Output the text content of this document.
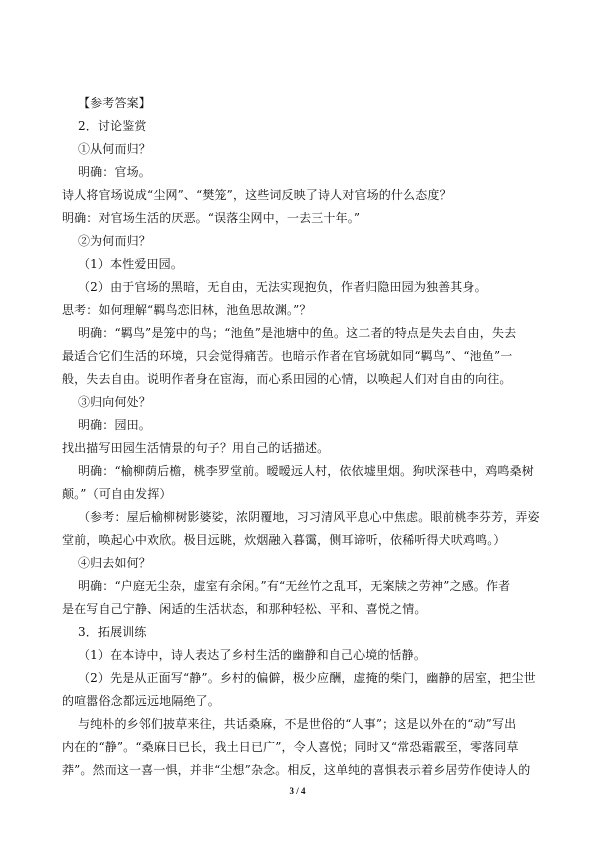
【参考答案】
2．讨论鉴赏
①从何而归？
明确：官场。
诗人将官场说成“尘网”、“樊笼”，这些词反映了诗人对官场的什么态度？
明确：对官场生活的厌恶。“误落尘网中，一去三十年。”
②为何而归？
（1）本性爱田园。
（2）由于官场的黑暗，无自由，无法实现抱负，作者归隐田园为独善其身。
思考：如何理解“羁鸟恋旧林，池鱼思故渊。”？
明确：“羁鸟”是笼中的鸟；“池鱼”是池塘中的鱼。这二者的特点是失去自由，失去
最适合它们生活的环境，只会觉得痛苦。也暗示作者在官场就如同“羁鸟”、“池鱼”一
般，失去自由。说明作者身在宦海，而心系田园的心情，以唤起人们对自由的向往。
③归向何处？
明确：园田。
找出描写田园生活情景的句子？用自己的话描述。
明确：“榆柳荫后檐，桃李罗堂前。暧暧远人村，依依墟里烟。狗吠深巷中，鸡鸣桑树
颠。”（可自由发挥）
（参考：屋后榆柳树影婆娑，浓阴覆地，习习清风平息心中焦虑。眼前桃李芬芳，弄姿
堂前，唤起心中欢欣。极目远眺，炊烟融入暮霭，侧耳谛听，依稀听得犬吠鸡鸣。）
④归去如何？
明确：“户庭无尘杂，虚室有余闲。”有“无丝竹之乱耳，无案牍之劳神”之感。作者
是在写自己宁静、闲适的生活状态，和那种轻松、平和、喜悦之情。
3．拓展训练
（1）在本诗中，诗人表达了乡村生活的幽静和自己心境的恬静。
（2）先是从正面写“静”。乡村的偏僻，极少应酬，虚掩的柴门，幽静的居室，把尘世
的喧嚣俗念都远远地隔绝了。
与纯朴的乡邻们披草来往，共话桑麻，不是世俗的“人事”；这是以外在的“动”写出
内在的“静”。“桑麻日已长，我土日已广”，令人喜悦；同时又“常恐霜霰至，零落同草
莽”。然而这一喜一惧，并非“尘想”杂念。相反，这单纯的喜惧表示着乡居劳作使诗人的
3 / 4
